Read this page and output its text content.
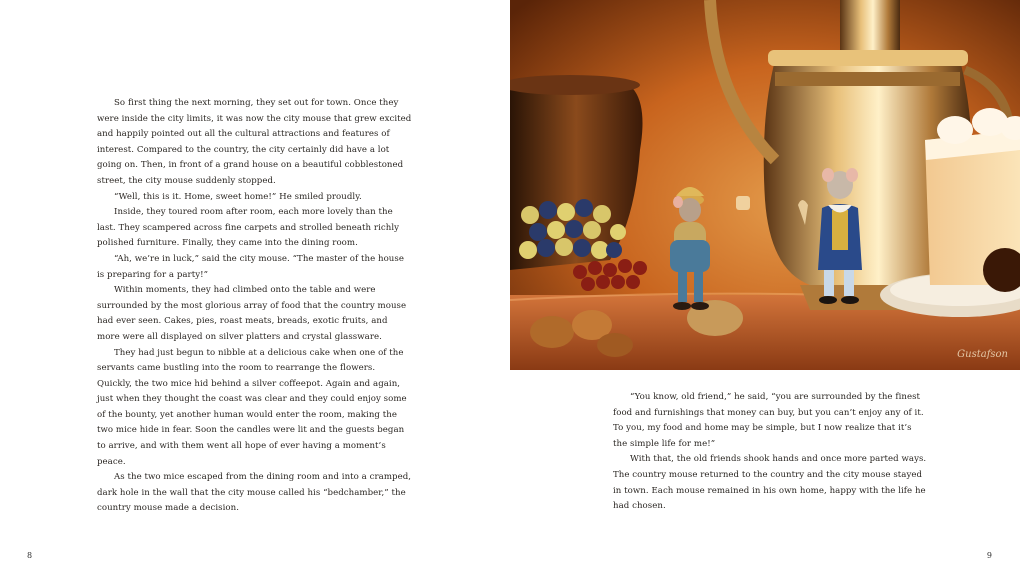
So first thing the next morning, they set out for town. Once they were inside the city limits, it was now the city mouse that grew excited and happily pointed out all the cultural attractions and features of interest. Compared to the country, the city certainly did have a lot going on. Then, in front of a grand house on a beautiful cobblestoned street, the city mouse suddenly stopped.

“Well, this is it. Home, sweet home!” He smiled proudly.

Inside, they toured room after room, each more lovely than the last. They scampered across fine carpets and strolled beneath richly polished furniture. Finally, they came into the dining room.

“Ah, we’re in luck,” said the city mouse. “The master of the house is preparing for a party!”

Within moments, they had climbed onto the table and were surrounded by the most glorious array of food that the country mouse had ever seen. Cakes, pies, roast meats, breads, exotic fruits, and more were all displayed on silver platters and crystal glassware.

They had just begun to nibble at a delicious cake when one of the servants came bustling into the room to rearrange the flowers. Quickly, the two mice hid behind a silver coffeepot. Again and again, just when they thought the coast was clear and they could enjoy some of the bounty, yet another human would enter the room, making the two mice hide in fear. Soon the candles were lit and the guests began to arrive, and with them went all hope of ever having a moment’s peace.

As the two mice escaped from the dining room and into a cramped, dark hole in the wall that the city mouse called his “bedchamber,” the country mouse made a decision.

8
Gustafson

“You know, old friend,” he said, “you are surrounded by the finest food and furnishings that money can buy, but you can’t enjoy any of it. To you, my food and home may be simple, but I now realize that it’s the simple life for me!”

With that, the old friends shook hands and once more parted ways. The country mouse returned to the country and the city mouse stayed in town. Each mouse remained in his own home, happy with the life he had chosen.

9
